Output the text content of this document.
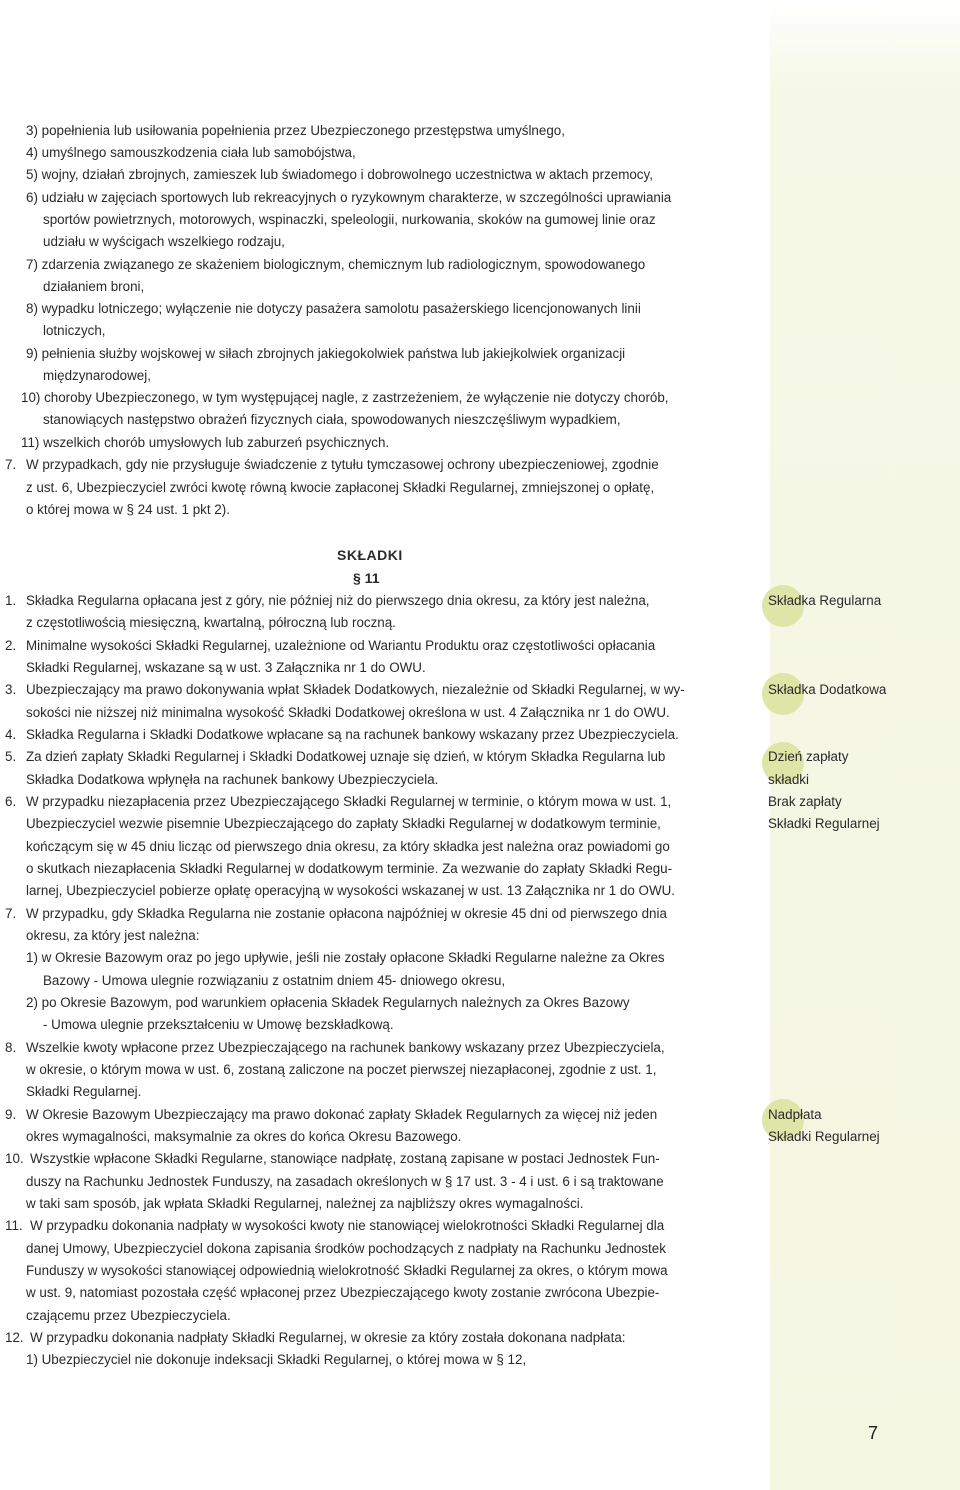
3) popełnienia lub usiłowania popełnienia przez Ubezpieczonego przestępstwa umyślnego,
4) umyślnego samouszkodzenia ciała lub samobójstwa,
5) wojny, działań zbrojnych, zamieszek lub świadomego i dobrowolnego uczestnictwa w aktach przemocy,
6) udziału w zajęciach sportowych lub rekreacyjnych o ryzykownym charakterze, w szczególności uprawiania
sportów powietrznych, motorowych, wspinaczki, speleologii, nurkowania, skoków na gumowej linie oraz
udziału w wyścigach wszelkiego rodzaju,
7) zdarzenia związanego ze skażeniem biologicznym, chemicznym lub radiologicznym, spowodowanego
działaniem broni,
8) wypadku lotniczego; wyłączenie nie dotyczy pasażera samolotu pasażerskiego licencjonowanych linii
lotniczych,
9) pełnienia służby wojskowej w siłach zbrojnych jakiegokolwiek państwa lub jakiejkolwiek organizacji
międzynarodowej,
10) choroby Ubezpieczonego, w tym występującej nagle, z zastrzeżeniem, że wyłączenie nie dotyczy chorób,
stanowiących następstwo obrażeń fizycznych ciała, spowodowanych nieszczęśliwym wypadkiem,
11) wszelkich chorób umysłowych lub zaburzeń psychicznych.
7. W przypadkach, gdy nie przysługuje świadczenie z tytułu tymczasowej ochrony ubezpieczeniowej, zgodnie
z ust. 6, Ubezpieczyciel zwróci kwotę równą kwocie zapłaconej Składki Regularnej, zmniejszonej o opłatę,
o której mowa w § 24 ust. 1 pkt 2).
SKŁADKI
§ 11
1. Składka Regularna opłacana jest z góry, nie później niż do pierwszego dnia okresu, za który jest należna,
z częstotliwością miesięczną, kwartalną, półroczną lub roczną.
2. Minimalne wysokości Składki Regularnej, uzależnione od Wariantu Produktu oraz częstotliwości opłacania
Składki Regularnej, wskazane są w ust. 3 Załącznika nr 1 do OWU.
3. Ubezpieczający ma prawo dokonywania wpłat Składek Dodatkowych, niezależnie od Składki Regularnej, w wy-
sokości nie niższej niż minimalna wysokość Składki Dodatkowej określona w ust. 4 Załącznika nr 1 do OWU.
4. Składka Regularna i Składki Dodatkowe wpłacane są na rachunek bankowy wskazany przez Ubezpieczyciela.
5. Za dzień zapłaty Składki Regularnej i Składki Dodatkowej uznaje się dzień, w którym Składka Regularna lub
Składka Dodatkowa wpłynęła na rachunek bankowy Ubezpieczyciela.
6. W przypadku niezapłacenia przez Ubezpieczającego Składki Regularnej w terminie, o którym mowa w ust. 1,
Ubezpieczyciel wezwie pisemnie Ubezpieczającego do zapłaty Składki Regularnej w dodatkowym terminie,
kończącym się w 45 dniu licząc od pierwszego dnia okresu, za który składka jest należna oraz powiadomi go
o skutkach niezapłacenia Składki Regularnej w dodatkowym terminie. Za wezwanie do zapłaty Składki Regu-
larnej, Ubezpieczyciel pobierze opłatę operacyjną w wysokości wskazanej w ust. 13 Załącznika nr 1 do OWU.
7. W przypadku, gdy Składka Regularna nie zostanie opłacona najpóźniej w okresie 45 dni od pierwszego dnia
okresu, za który jest należna:
1) w Okresie Bazowym oraz po jego upływie, jeśli nie zostały opłacone Składki Regularne należne za Okres
Bazowy - Umowa ulegnie rozwiązaniu z ostatnim dniem 45- dniowego okresu,
2) po Okresie Bazowym, pod warunkiem opłacenia Składek Regularnych należnych za Okres Bazowy
- Umowa ulegnie przekształceniu w Umowę bezskładkową.
8. Wszelkie kwoty wpłacone przez Ubezpieczającego na rachunek bankowy wskazany przez Ubezpieczyciela,
w okresie, o którym mowa w ust. 6, zostaną zaliczone na poczet pierwszej niezapłaconej, zgodnie z ust. 1,
Składki Regularnej.
9. W Okresie Bazowym Ubezpieczający ma prawo dokonać zapłaty Składek Regularnych za więcej niż jeden
okres wymagalności, maksymalnie za okres do końca Okresu Bazowego.
10. Wszystkie wpłacone Składki Regularne, stanowiące nadpłatę, zostaną zapisane w postaci Jednostek Fun-
duszy na Rachunku Jednostek Funduszy, na zasadach określonych w § 17 ust. 3 - 4 i ust. 6 i są traktowane
w taki sam sposób, jak wpłata Składki Regularnej, należnej za najbliższy okres wymagalności.
11. W przypadku dokonania nadpłaty w wysokości kwoty nie stanowiącej wielokrotności Składki Regularnej dla
danej Umowy, Ubezpieczyciel dokona zapisania środków pochodzących z nadpłaty na Rachunku Jednostek
Funduszy w wysokości stanowiącej odpowiednią wielokrotność Składki Regularnej za okres, o którym mowa
w ust. 9, natomiast pozostała część wpłaconej przez Ubezpieczającego kwoty zostanie zwrócona Ubezpie-
czającemu przez Ubezpieczyciela.
12. W przypadku dokonania nadpłaty Składki Regularnej, w okresie za który została dokonana nadpłata:
1) Ubezpieczyciel nie dokonuje indeksacji Składki Regularnej, o której mowa w § 12,
Składka Regularna
Składka Dodatkowa
Dzień zapłaty
składki
Brak zapłaty
Składki Regularnej
Nadpłata
Składki Regularnej
7
